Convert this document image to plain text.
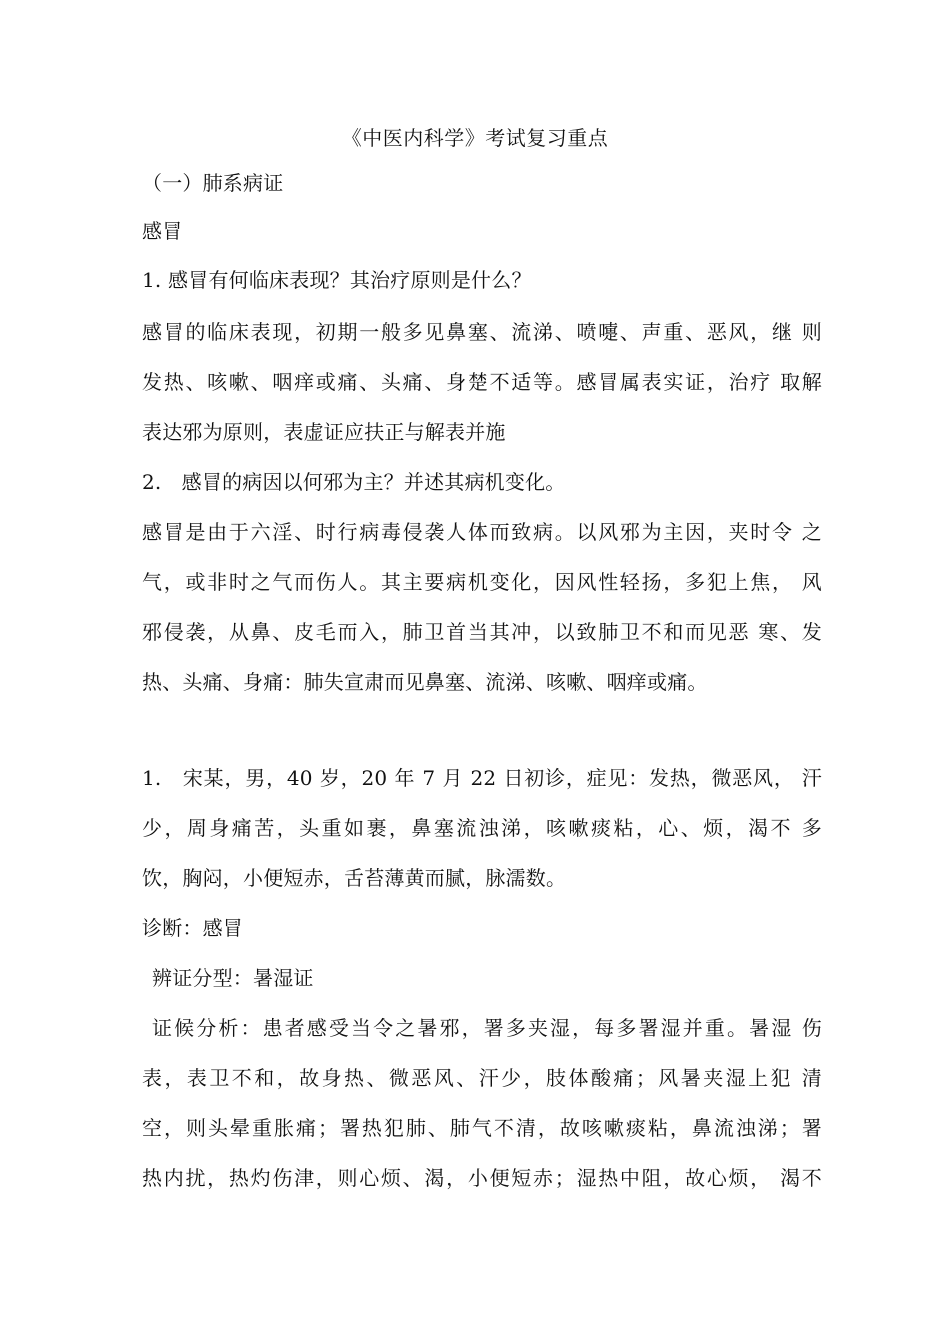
《中医内科学》考试复习重点
（一）肺系病证
感冒
1. 感冒有何临床表现？其治疗原则是什么？
感冒的临床表现，初期一般多见鼻塞、流涕、喷嚏、声重、恶风，继 则
发热、咳嗽、咽痒或痛、头痛、身楚不适等。感冒属表实证，治疗 取解
表达邪为原则，表虚证应扶正与解表并施
2.　感冒的病因以何邪为主？并述其病机变化。
感冒是由于六淫、时行病毒侵袭人体而致病。以风邪为主因，夹时令 之
气，或非时之气而伤人。其主要病机变化，因风性轻扬，多犯上焦， 风
邪侵袭，从鼻、皮毛而入，肺卫首当其冲，以致肺卫不和而见恶 寒、发
热、头痛、身痛：肺失宣肃而见鼻塞、流涕、咳嗽、咽痒或痛。
1.　宋某，男，40 岁，20 年 7 月 22 日初诊，症见：发热，微恶风， 汗
少，周身痛苦，头重如裹，鼻塞流浊涕，咳嗽痰粘，心、烦，渴不 多
饮，胸闷，小便短赤，舌苔薄黄而腻，脉濡数。
诊断：感冒
辨证分型：暑湿证
证候分析：患者感受当令之暑邪，署多夹湿，每多署湿并重。暑湿 伤
表，表卫不和，故身热、微恶风、汗少，肢体酸痛；风暑夹湿上犯 清
空，则头晕重胀痛；署热犯肺、肺气不清，故咳嗽痰粘，鼻流浊涕；署
热内扰，热灼伤津，则心烦、渴，小便短赤；湿热中阻，故心烦， 渴不
